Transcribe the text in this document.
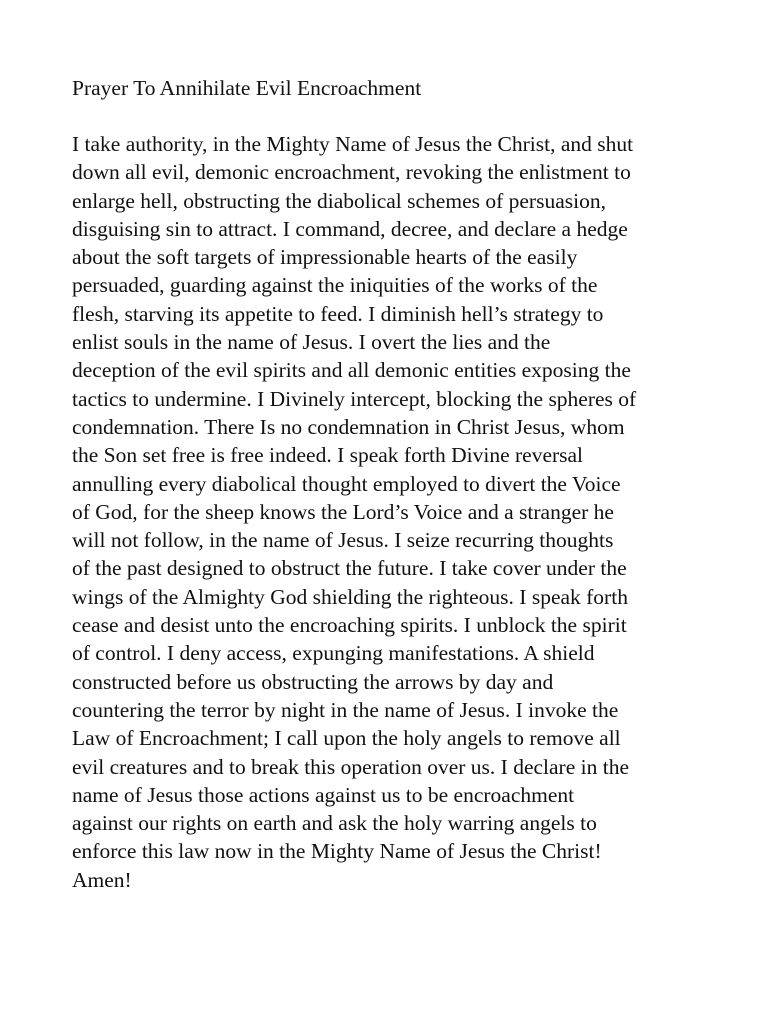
Prayer To Annihilate Evil Encroachment
I take authority, in the Mighty Name of Jesus the Christ, and shut
down all evil, demonic encroachment, revoking the enlistment to
enlarge hell, obstructing the diabolical schemes of persuasion,
disguising sin to attract. I command, decree, and declare a hedge
about the soft targets of impressionable hearts of the easily
persuaded, guarding against the iniquities of the works of the
flesh, starving its appetite to feed. I diminish hell’s strategy to
enlist souls in the name of Jesus. I overt the lies and the
deception of the evil spirits and all demonic entities exposing the
tactics to undermine. I Divinely intercept, blocking the spheres of
condemnation. There Is no condemnation in Christ Jesus, whom
the Son set free is free indeed. I speak forth Divine reversal
annulling every diabolical thought employed to divert the Voice
of God, for the sheep knows the Lord’s Voice and a stranger he
will not follow, in the name of Jesus. I seize recurring thoughts
of the past designed to obstruct the future. I take cover under the
wings of the Almighty God shielding the righteous. I speak forth
cease and desist unto the encroaching spirits. I unblock the spirit
of control. I deny access, expunging manifestations. A shield
constructed before us obstructing the arrows by day and
countering the terror by night in the name of Jesus. I invoke the
Law of Encroachment; I call upon the holy angels to remove all
evil creatures and to break this operation over us. I declare in the
name of Jesus those actions against us to be encroachment
against our rights on earth and ask the holy warring angels to
enforce this law now in the Mighty Name of Jesus the Christ!
Amen!
